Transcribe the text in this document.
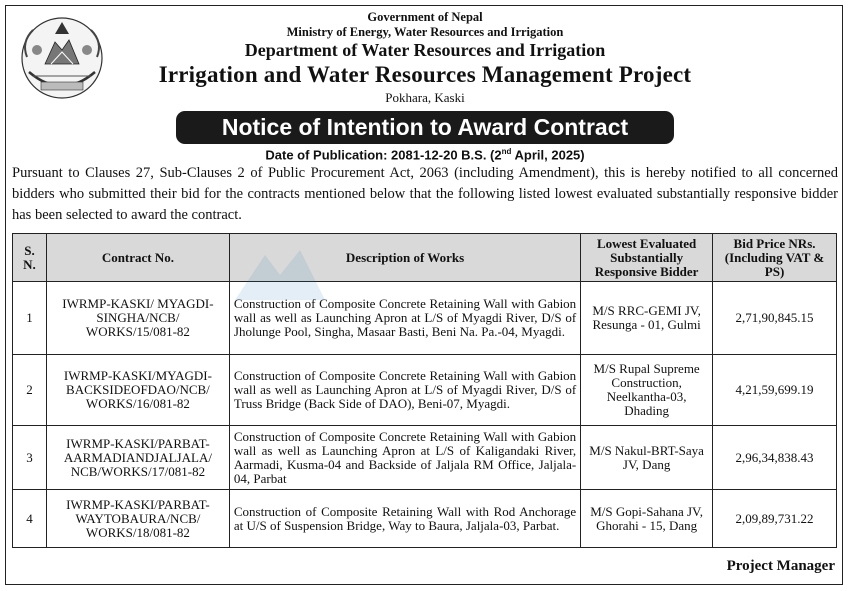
Government of Nepal
Ministry of Energy, Water Resources and Irrigation
Department of Water Resources and Irrigation
Irrigation and Water Resources Management Project
Pokhara, Kaski
Notice of Intention to Award Contract
Date of Publication: 2081-12-20 B.S. (2nd April, 2025)
Pursuant to Clauses 27, Sub-Clauses 2 of Public Procurement Act, 2063 (including Amendment), this is hereby notified to all concerned bidders who submitted their bid for the contracts mentioned below that the following listed lowest evaluated substantially responsive bidder has been selected to award the contract.
S. N.	Contract No.	Description of Works	Lowest Evaluated Substantially Responsive Bidder	Bid Price NRs. (Including VAT & PS)
1	IWRMP-KASKI/ MYAGDI-SINGHA/NCB/ WORKS/15/081-82	Construction of Composite Concrete Retaining Wall with Gabion wall as well as Launching Apron at L/S of Myagdi River, D/S of Jholunge Pool, Singha, Masaar Basti, Beni Na. Pa.-04, Myagdi.	M/S RRC-GEMI JV, Resunga - 01, Gulmi	2,71,90,845.15
2	IWRMP-KASKI/MYAGDI-BACKSIDEOFDAO/NCB/ WORKS/16/081-82	Construction of Composite Concrete Retaining Wall with Gabion wall as well as Launching Apron at L/S of Myagdi River, D/S of Truss Bridge (Back Side of DAO), Beni-07, Myagdi.	M/S Rupal Supreme Construction, Neelkantha-03, Dhading	4,21,59,699.19
3	IWRMP-KASKI/PARBAT-AARMADIANDJALJALA/ NCB/WORKS/17/081-82	Construction of Composite Concrete Retaining Wall with Gabion wall as well as Launching Apron at L/S of Kaligandaki River, Aarmadi, Kusma-04 and Backside of Jaljala RM Office, Jaljala-04, Parbat	M/S Nakul-BRT-Saya JV, Dang	2,96,34,838.43
4	IWRMP-KASKI/PARBAT-WAYTOBAURA/NCB/ WORKS/18/081-82	Construction of Composite Retaining Wall with Rod Anchorage at U/S of Suspension Bridge, Way to Baura, Jaljala-03, Parbat.	M/S Gopi-Sahana JV, Ghorahi - 15, Dang	2,09,89,731.22
Project Manager
